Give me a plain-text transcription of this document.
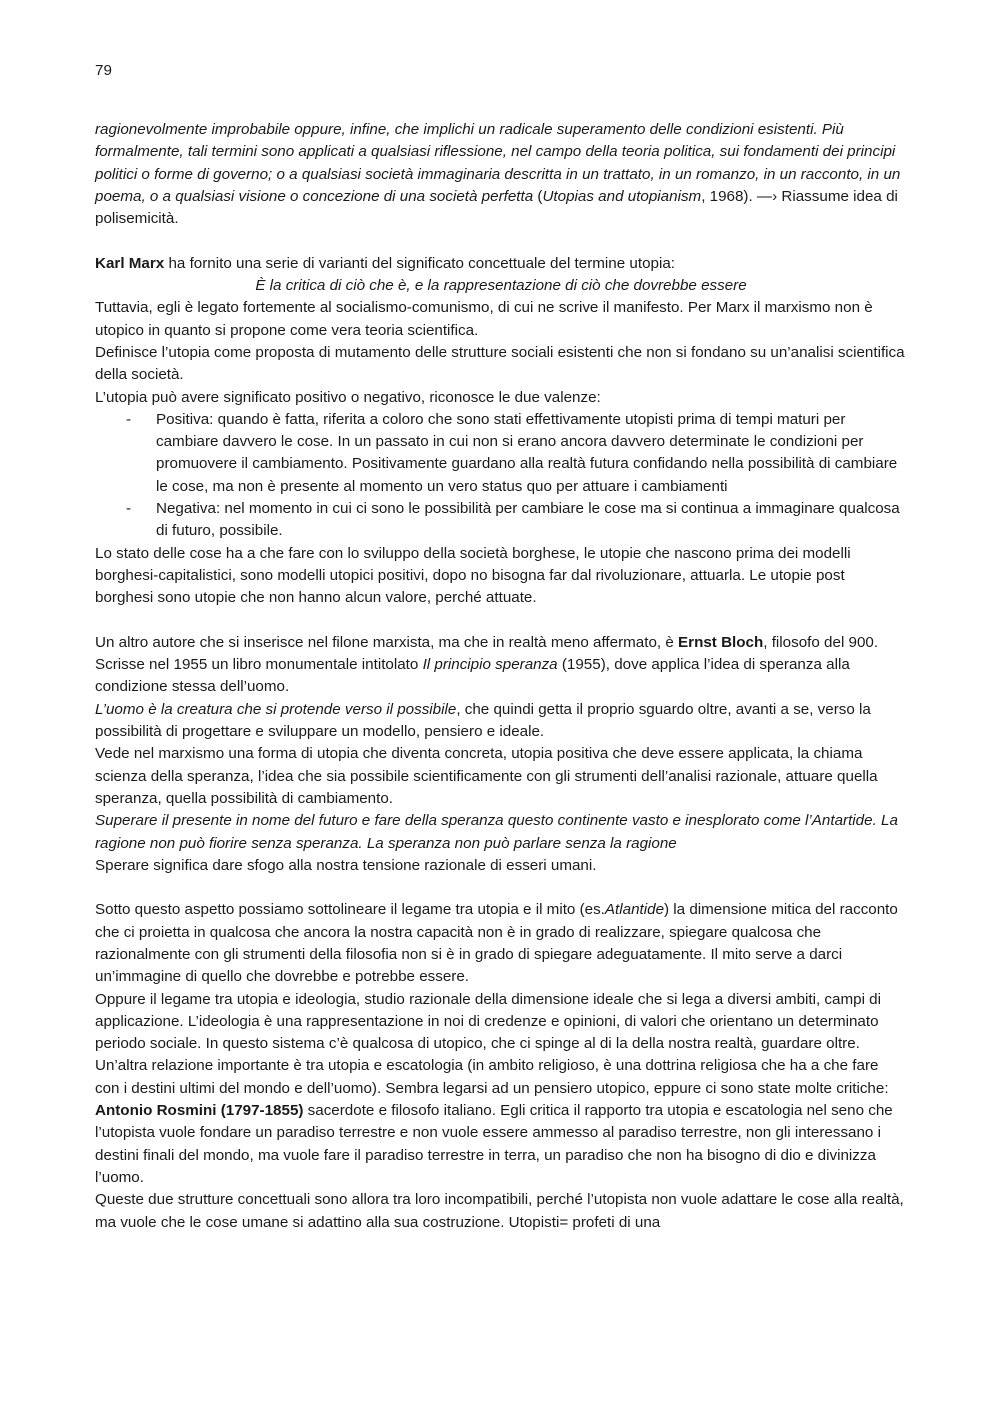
79

ragionevolmente improbabile oppure, infine, che implichi un radicale superamento delle condizioni esistenti. Più formalmente, tali termini sono applicati a qualsiasi riflessione, nel campo della teoria politica, sui fondamenti dei principi politici o forme di governo; o a qualsiasi società immaginaria descritta in un trattato, in un romanzo, in un racconto, in un poema, o a qualsiasi visione o concezione di una società perfetta (Utopias and utopianism, 1968). —› Riassume idea di polisemicità.

Karl Marx ha fornito una serie di varianti del significato concettuale del termine utopia:

È la critica di ciò che è, e la rappresentazione di ciò che dovrebbe essere

Tuttavia, egli è legato fortemente al socialismo-comunismo, di cui ne scrive il manifesto. Per Marx il marxismo non è utopico in quanto si propone come vera teoria scientifica.

Definisce l’utopia come proposta di mutamento delle strutture sociali esistenti che non si fondano su un’analisi scientifica della società.

L’utopia può avere significato positivo o negativo, riconosce le due valenze:

- Positiva: quando è fatta, riferita a coloro che sono stati effettivamente utopisti prima di tempi maturi per cambiare davvero le cose. In un passato in cui non si erano ancora davvero determinate le condizioni per promuovere il cambiamento. Positivamente guardano alla realtà futura confidando nella possibilità di cambiare le cose, ma non è presente al momento un vero status quo per attuare i cambiamenti
- Negativa: nel momento in cui ci sono le possibilità per cambiare le cose ma si continua a immaginare qualcosa di futuro, possibile.

Lo stato delle cose ha a che fare con lo sviluppo della società borghese, le utopie che nascono prima dei modelli borghesi-capitalistici, sono modelli utopici positivi, dopo no bisogna far dal rivoluzionare, attuarla. Le utopie post borghesi sono utopie che non hanno alcun valore, perché attuate.

Un altro autore che si inserisce nel filone marxista, ma che in realtà meno affermato, è Ernst Bloch, filosofo del 900. Scrisse nel 1955 un libro monumentale intitolato Il principio speranza (1955), dove applica l’idea di speranza alla condizione stessa dell’uomo.

L’uomo è la creatura che si protende verso il possibile, che quindi getta il proprio sguardo oltre, avanti a se, verso la possibilità di progettare e sviluppare un modello, pensiero e ideale.

Vede nel marxismo una forma di utopia che diventa concreta, utopia positiva che deve essere applicata, la chiama scienza della speranza, l’idea che sia possibile scientificamente con gli strumenti dell’analisi razionale, attuare quella speranza, quella possibilità di cambiamento.

Superare il presente in nome del futuro e fare della speranza questo continente vasto e inesplorato come l’Antartide. La ragione non può fiorire senza speranza. La speranza non può parlare senza la ragione

Sperare significa dare sfogo alla nostra tensione razionale di esseri umani.

Sotto questo aspetto possiamo sottolineare il legame tra utopia e il mito (es.Atlantide) la dimensione mitica del racconto che ci proietta in qualcosa che ancora la nostra capacità non è in grado di realizzare, spiegare qualcosa che razionalmente con gli strumenti della filosofia non si è in grado di spiegare adeguatamente. Il mito serve a darci un’immagine di quello che dovrebbe e potrebbe essere.

Oppure il legame tra utopia e ideologia, studio razionale della dimensione ideale che si lega a diversi ambiti, campi di applicazione. L’ideologia è una rappresentazione in noi di credenze e opinioni, di valori che orientano un determinato periodo sociale. In questo sistema c’è qualcosa di utopico, che ci spinge al di la della nostra realtà, guardare oltre.

Un’altra relazione importante è tra utopia e escatologia (in ambito religioso, è una dottrina religiosa che ha a che fare con i destini ultimi del mondo e dell’uomo). Sembra legarsi ad un pensiero utopico, eppure ci sono state molte critiche: Antonio Rosmini (1797-1855) sacerdote e filosofo italiano. Egli critica il rapporto tra utopia e escatologia nel seno che l’utopista vuole fondare un paradiso terrestre e non vuole essere ammesso al paradiso terrestre, non gli interessano i destini finali del mondo, ma vuole fare il paradiso terrestre in terra, un paradiso che non ha bisogno di dio e divinizza l’uomo.

Queste due strutture concettuali sono allora tra loro incompatibili, perché l’utopista non vuole adattare le cose alla realtà, ma vuole che le cose umane si adattino alla sua costruzione. Utopisti= profeti di una
